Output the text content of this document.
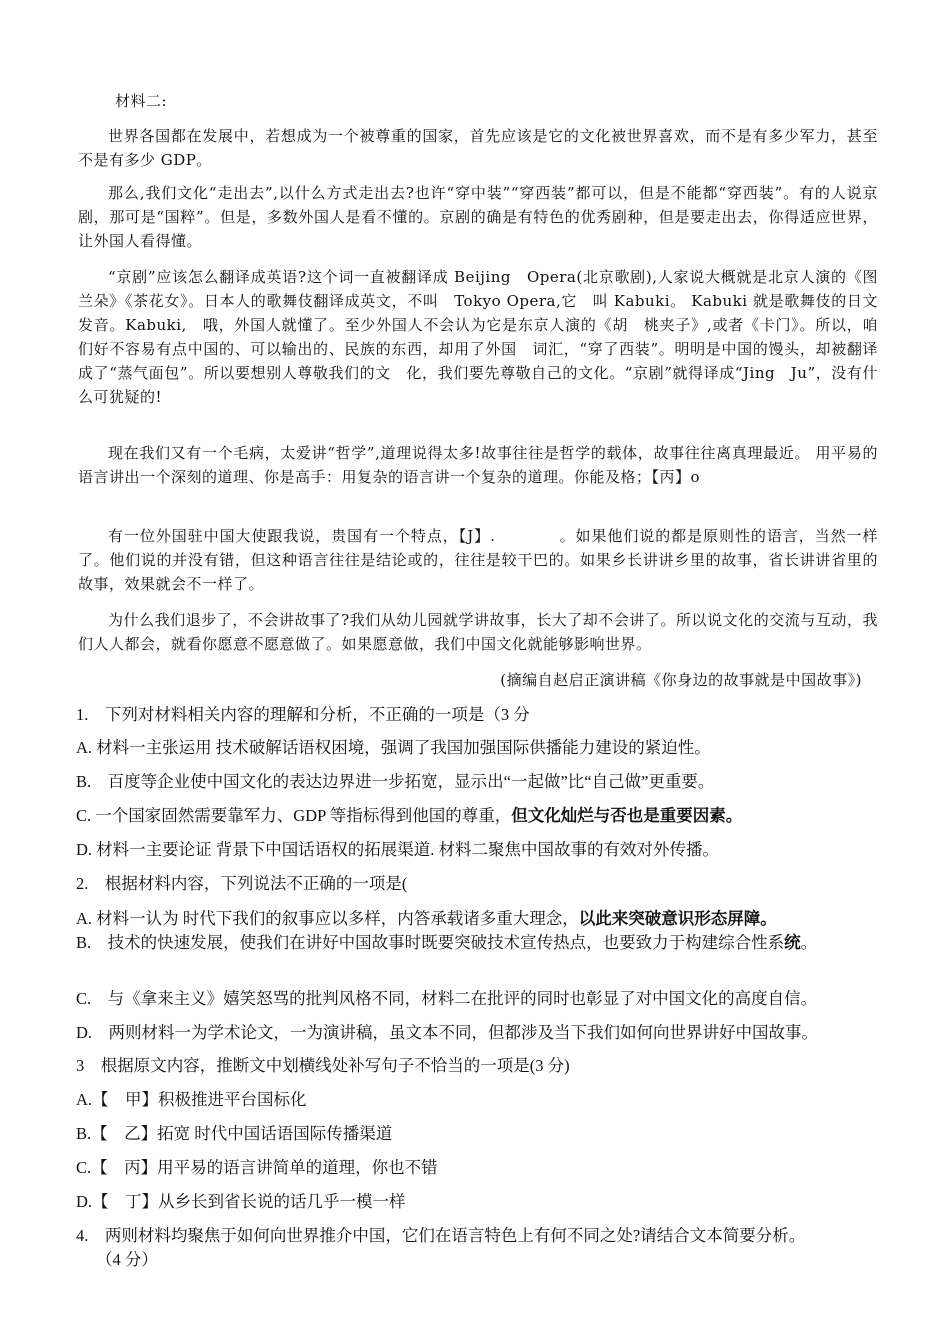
材料二:

世界各国都在发展中，若想成为一个被尊重的国家，首先应该是它的文化被世界喜欢，而不是有多少军力，甚至不是有多少 GDP。

那么,我们文化“走出去”,以什么方式走出去?也许“穿中装”“穿西装”都可以，但是不能都“穿西装”。有的人说京剧，那可是“国粹”。但是，多数外国人是看不懂的。京剧的确是有特色的优秀剧种，但是要走出去，你得适应世界，让外国人看得懂。

“京剧”应该怎么翻译成英语?这个词一直被翻译成 Beijing　Opera(北京歌剧),人家说大概就是北京人演的《图兰朵》《茶花女》。日本人的歌舞伎翻译成英文，不叫　Tokyo Opera,它　叫 Kabuki。 Kabuki 就是歌舞伎的日文发音。Kabuki,　哦，外国人就懂了。至少外国人不会认为它是东京人演的《胡　桃夹子》,或者《卡门》。所以，咱们好不容易有点中国的、可以输出的、民族的东西，却用了外国　词汇，“穿了西装”。明明是中国的馒头，却被翻译成了“蒸气面包”。所以要想别人尊敬我们的文　化，我们要先尊敬自己的文化。“京剧”就得译成“Jing　Ju”，没有什么可犹疑的!

现在我们又有一个毛病，太爱讲“哲学”,道理说得太多!故事往往是哲学的载体，故事往往离真理最近。 用平易的语言讲出一个深刻的道理、你是高手：用复杂的语言讲一个复杂的道理。你能及格；【丙】o

有一位外国驻中国大使跟我说，贵国有一个特点，【J】.　　　　。如果他们说的都是原则性的语言，当然一样了。他们说的并没有错，但这种语言往往是结论或的，往往是较干巴的。如果乡长讲讲乡里的故事，省长讲讲省里的故事，效果就会不一样了。

为什么我们退步了，不会讲故事了?我们从幼儿园就学讲故事，长大了却不会讲了。所以说文化的交流与互动，我们人人都会，就看你愿意不愿意做了。如果愿意做，我们中国文化就能够影响世界。

(摘编自赵启正演讲稿《你身边的故事就是中国故事》)

1.　下列对材料相关内容的理解和分析，不正确的一项是（3 分

A. 材料一主张运用 技术破解话语权困境，强调了我国加强国际供播能力建设的紧迫性。

B.　百度等企业使中国文化的表达边界进一步拓宽，显示出“一起做”比“自己做”更重要。

C. 一个国家固然需要靠军力、GDP 等指标得到他国的尊重，但文化灿烂与否也是重要因素。

D. 材料一主要论证 背景下中国话语权的拓展渠道. 材料二聚焦中国故事的有效对外传播。

2.　根据材料内容，下列说法不正确的一项是(

A. 材料一认为 时代下我们的叙事应以多样，内答承载诸多重大理念，以此来突破意识形态屏障。

B.　技术的快速发展，使我们在讲好中国故事时既要突破技术宣传热点，也要致力于构建综合性系统。

C.　与《拿来主义》嬉笑怒骂的批判风格不同，材料二在批评的同时也彰显了对中国文化的高度自信。

D.　两则材料一为学术论文，一为演讲稿，虽文本不同，但都涉及当下我们如何向世界讲好中国故事。

3　根据原文内容，推断文中划横线处补写句子不恰当的一项是(3 分)

A.【　甲】积极推进平台国标化

B.【　乙】拓宽 时代中国话语国际传播渠道

C.【　丙】用平易的语言讲简单的道理，你也不错

D.【　丁】从乡长到省长说的话几乎一模一样

4.　两则材料均聚焦于如何向世界推介中国，它们在语言特色上有何不同之处?请结合文本简要分析。

（4 分）
